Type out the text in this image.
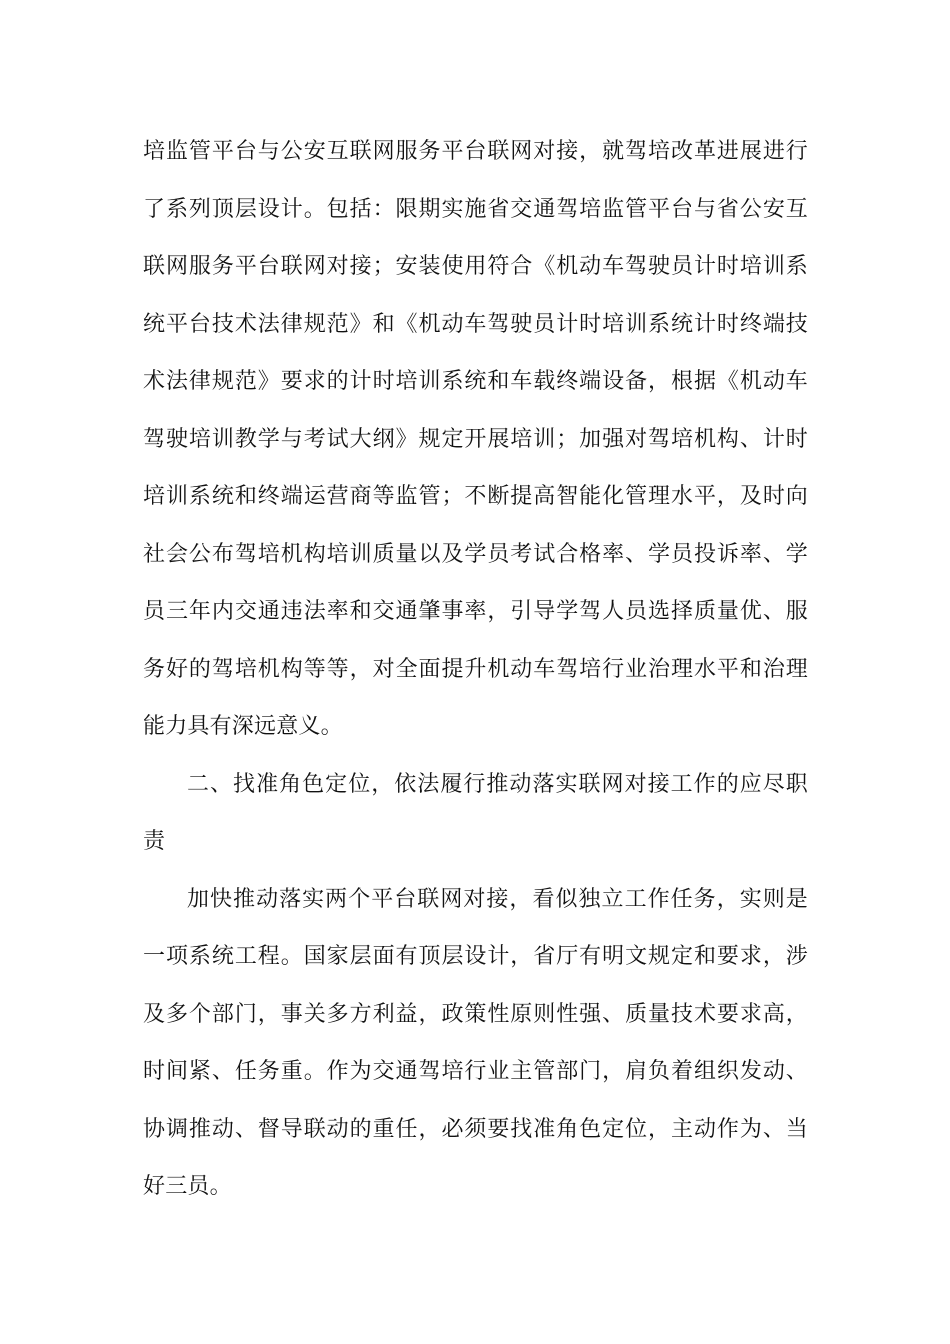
培监管平台与公安互联网服务平台联网对接，就驾培改革进展进行了系列顶层设计。包括：限期实施省交通驾培监管平台与省公安互联网服务平台联网对接；安装使用符合《机动车驾驶员计时培训系统平台技术法律规范》和《机动车驾驶员计时培训系统计时终端技术法律规范》要求的计时培训系统和车载终端设备，根据《机动车驾驶培训教学与考试大纲》规定开展培训；加强对驾培机构、计时培训系统和终端运营商等监管；不断提高智能化管理水平，及时向社会公布驾培机构培训质量以及学员考试合格率、学员投诉率、学员三年内交通违法率和交通肇事率，引导学驾人员选择质量优、服务好的驾培机构等等，对全面提升机动车驾培行业治理水平和治理能力具有深远意义。

二、找准角色定位，依法履行推动落实联网对接工作的应尽职责

加快推动落实两个平台联网对接，看似独立工作任务，实则是一项系统工程。国家层面有顶层设计，省厅有明文规定和要求，涉及多个部门，事关多方利益，政策性原则性强、质量技术要求高，时间紧、任务重。作为交通驾培行业主管部门，肩负着组织发动、协调推动、督导联动的重任，必须要找准角色定位，主动作为、当好三员。
